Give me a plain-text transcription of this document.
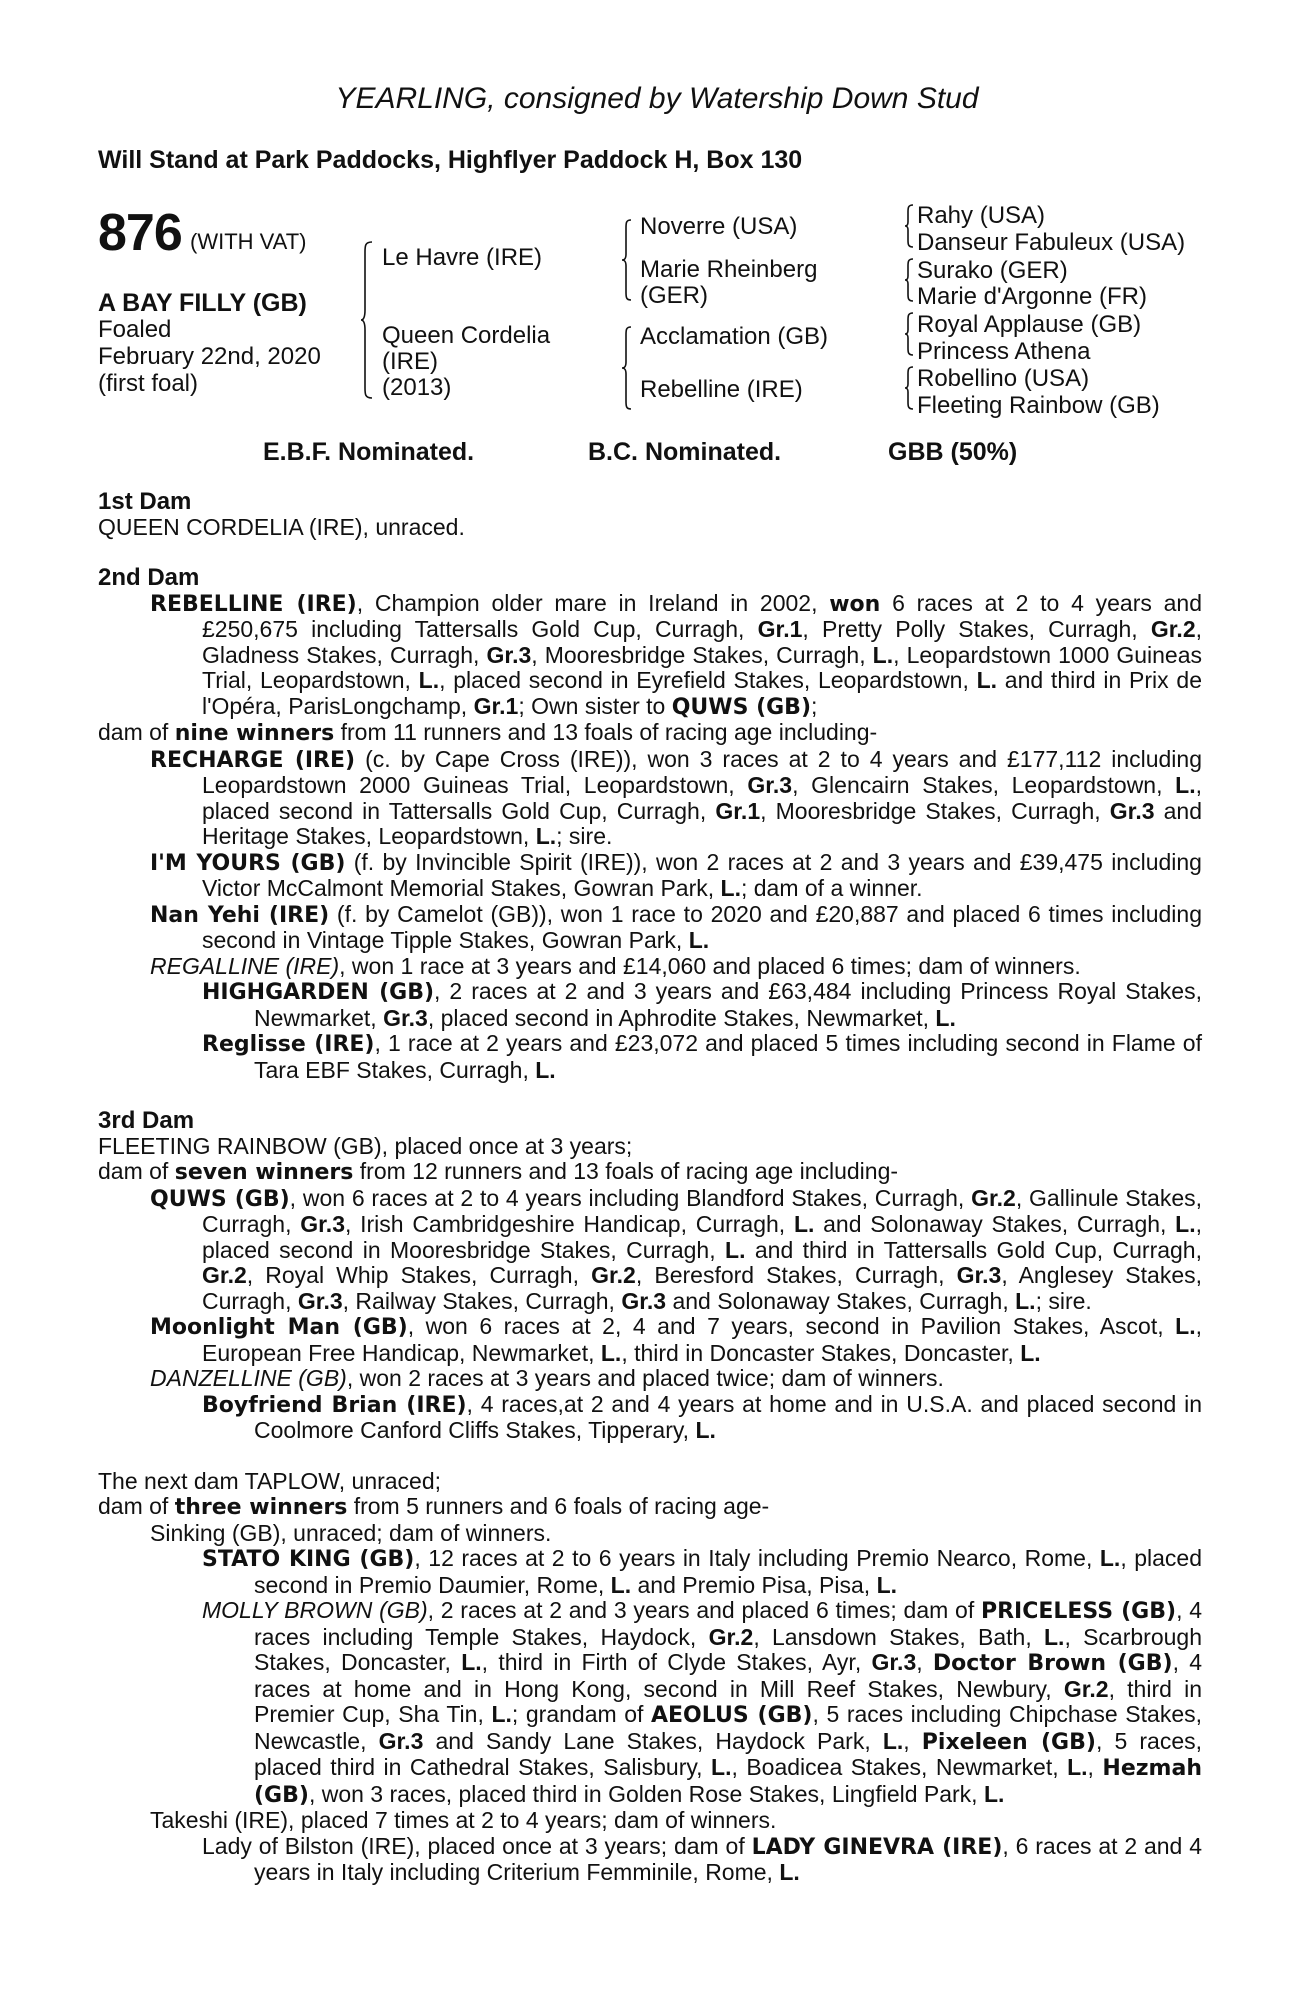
YEARLING, consigned by Watership Down Stud
Will Stand at Park Paddocks, Highflyer Paddock H, Box 130
876 (WITH VAT)
A BAY FILLY (GB)
Foaled
February 22nd, 2020
(first foal)
Le Havre (IRE)
Queen Cordelia
(IRE)
(2013)
Noverre (USA)
Marie Rheinberg
(GER)
Acclamation (GB)
Rebelline (IRE)
Rahy (USA)
Danseur Fabuleux (USA)
Surako (GER)
Marie d'Argonne (FR)
Royal Applause (GB)
Princess Athena
Robellino (USA)
Fleeting Rainbow (GB)
E.B.F. Nominated.	B.C. Nominated.	GBB (50%)
1st Dam
QUEEN CORDELIA (IRE), unraced.
2nd Dam
REBELLINE (IRE), Champion older mare in Ireland in 2002, won 6 races at 2 to 4 years and £250,675 including Tattersalls Gold Cup, Curragh, Gr.1, Pretty Polly Stakes, Curragh, Gr.2, Gladness Stakes, Curragh, Gr.3, Mooresbridge Stakes, Curragh, L., Leopardstown 1000 Guineas Trial, Leopardstown, L., placed second in Eyrefield Stakes, Leopardstown, L. and third in Prix de l'Opéra, ParisLongchamp, Gr.1; Own sister to QUWS (GB);
dam of nine winners from 11 runners and 13 foals of racing age including-
RECHARGE (IRE) (c. by Cape Cross (IRE)), won 3 races at 2 to 4 years and £177,112 including Leopardstown 2000 Guineas Trial, Leopardstown, Gr.3, Glencairn Stakes, Leopardstown, L., placed second in Tattersalls Gold Cup, Curragh, Gr.1, Mooresbridge Stakes, Curragh, Gr.3 and Heritage Stakes, Leopardstown, L.; sire.
I'M YOURS (GB) (f. by Invincible Spirit (IRE)), won 2 races at 2 and 3 years and £39,475 including Victor McCalmont Memorial Stakes, Gowran Park, L.; dam of a winner.
Nan Yehi (IRE) (f. by Camelot (GB)), won 1 race to 2020 and £20,887 and placed 6 times including second in Vintage Tipple Stakes, Gowran Park, L.
REGALLINE (IRE), won 1 race at 3 years and £14,060 and placed 6 times; dam of winners.
HIGHGARDEN (GB), 2 races at 2 and 3 years and £63,484 including Princess Royal Stakes, Newmarket, Gr.3, placed second in Aphrodite Stakes, Newmarket, L.
Reglisse (IRE), 1 race at 2 years and £23,072 and placed 5 times including second in Flame of Tara EBF Stakes, Curragh, L.
3rd Dam
FLEETING RAINBOW (GB), placed once at 3 years;
dam of seven winners from 12 runners and 13 foals of racing age including-
QUWS (GB), won 6 races at 2 to 4 years including Blandford Stakes, Curragh, Gr.2, Gallinule Stakes, Curragh, Gr.3, Irish Cambridgeshire Handicap, Curragh, L. and Solonaway Stakes, Curragh, L., placed second in Mooresbridge Stakes, Curragh, L. and third in Tattersalls Gold Cup, Curragh, Gr.2, Royal Whip Stakes, Curragh, Gr.2, Beresford Stakes, Curragh, Gr.3, Anglesey Stakes, Curragh, Gr.3, Railway Stakes, Curragh, Gr.3 and Solonaway Stakes, Curragh, L.; sire.
Moonlight Man (GB), won 6 races at 2, 4 and 7 years, second in Pavilion Stakes, Ascot, L., European Free Handicap, Newmarket, L., third in Doncaster Stakes, Doncaster, L.
DANZELLINE (GB), won 2 races at 3 years and placed twice; dam of winners.
Boyfriend Brian (IRE), 4 races,at 2 and 4 years at home and in U.S.A. and placed second in Coolmore Canford Cliffs Stakes, Tipperary, L.
The next dam TAPLOW, unraced;
dam of three winners from 5 runners and 6 foals of racing age-
Sinking (GB), unraced; dam of winners.
STATO KING (GB), 12 races at 2 to 6 years in Italy including Premio Nearco, Rome, L., placed second in Premio Daumier, Rome, L. and Premio Pisa, Pisa, L.
MOLLY BROWN (GB), 2 races at 2 and 3 years and placed 6 times; dam of PRICELESS (GB), 4 races including Temple Stakes, Haydock, Gr.2, Lansdown Stakes, Bath, L., Scarbrough Stakes, Doncaster, L., third in Firth of Clyde Stakes, Ayr, Gr.3, Doctor Brown (GB), 4 races at home and in Hong Kong, second in Mill Reef Stakes, Newbury, Gr.2, third in Premier Cup, Sha Tin, L.; grandam of AEOLUS (GB), 5 races including Chipchase Stakes, Newcastle, Gr.3 and Sandy Lane Stakes, Haydock Park, L., Pixeleen (GB), 5 races, placed third in Cathedral Stakes, Salisbury, L., Boadicea Stakes, Newmarket, L., Hezmah (GB), won 3 races, placed third in Golden Rose Stakes, Lingfield Park, L.
Takeshi (IRE), placed 7 times at 2 to 4 years; dam of winners.
Lady of Bilston (IRE), placed once at 3 years; dam of LADY GINEVRA (IRE), 6 races at 2 and 4 years in Italy including Criterium Femminile, Rome, L.
